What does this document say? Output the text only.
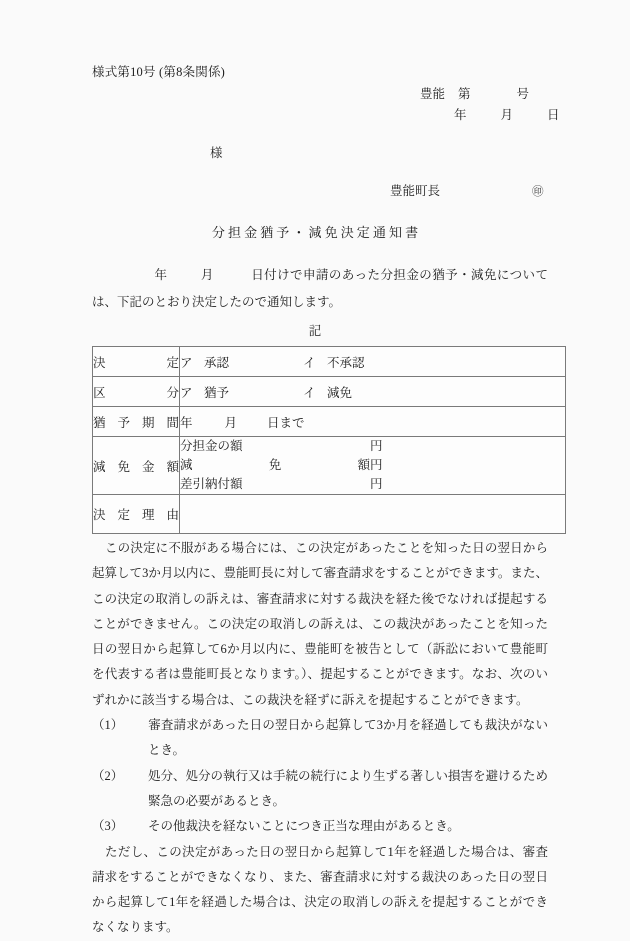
様式第10号 (第8条関係)
豊能 第	号
年	月	日
様
豊能町長	㊞
分担金猶予・減免決定通知書
年	月	日付けで申請のあった分担金の猶予・減免については、下記のとおり決定したので通知します。
記
決　　　定	ア 承認 イ 不承認
区　　　分	ア 猶予 イ 減免
猶予期間	年 月 日まで
減免金額	分担金の額 円
減免額円
差引納付額 円

決定理由	

この決定に不服がある場合には、この決定があったことを知った日の翌日から起算して3か月以内に、豊能町長に対して審査請求をすることができます。また、この決定の取消しの訴えは、審査請求に対する裁決を経た後でなければ提起することができません。この決定の取消しの訴えは、この裁決があったことを知った日の翌日から起算して6か月以内に、豊能町を被告として（訴訟において豊能町を代表する者は豊能町長となります。）、提起することができます。なお、次のいずれかに該当する場合は、この裁決を経ずに訴えを提起することができます。

（1） 審査請求があった日の翌日から起算して3か月を経過しても裁決がないとき。
（2） 処分、処分の執行又は手続の続行により生ずる著しい損害を避けるため緊急の必要があるとき。
（3） その他裁決を経ないことにつき正当な理由があるとき。

ただし、この決定があった日の翌日から起算して1年を経過した場合は、審査請求をすることができなくなり、また、審査請求に対する裁決のあった日の翌日から起算して1年を経過した場合は、決定の取消しの訴えを提起することができなくなります。
